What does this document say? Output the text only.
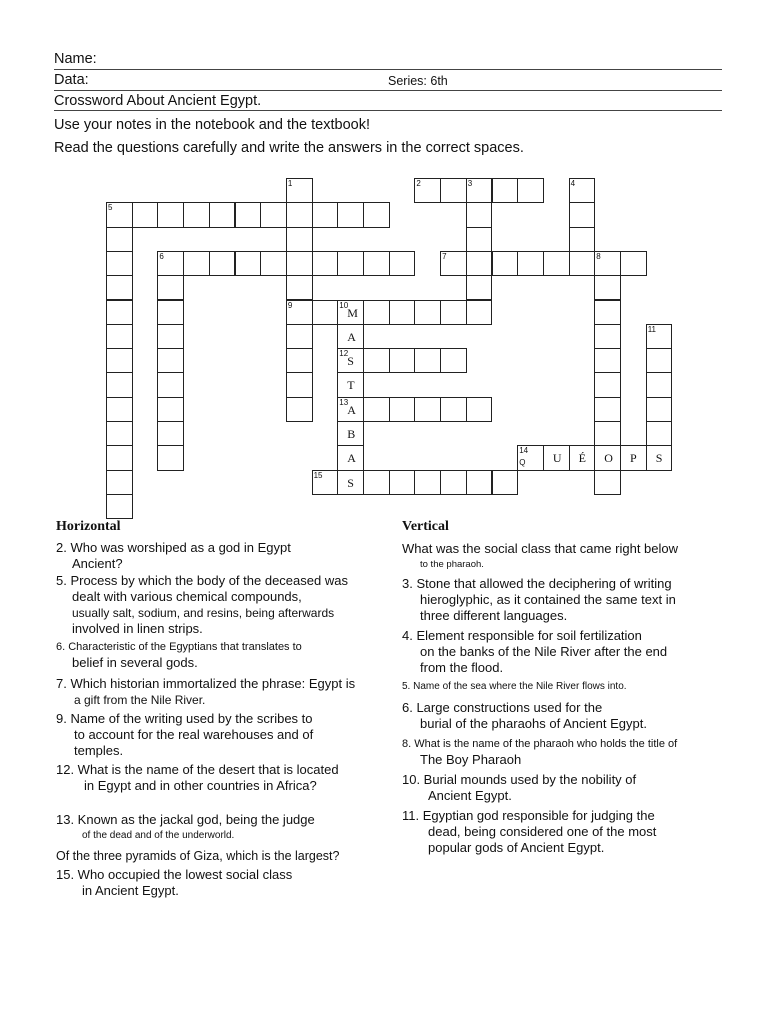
Name:
Data:	Series: 6th
Crossword About Ancient Egypt.
Use your notes in the notebook and the textbook!
Read the questions carefully and write the answers in the correct spaces.
1	2	3	4
5
6	7	8
9	10
11
12
13
14
15
M
A
S
T
A
B
A	Q U É O P S
S
Horizontal
2. Who was worshiped as a god in Egypt
Ancient?
5. Process by which the body of the deceased was
dealt with various chemical compounds,
usually salt, sodium, and resins, being afterwards
involved in linen strips.
6. Characteristic of the Egyptians that translates to
belief in several gods.
7. Which historian immortalized the phrase: Egypt is
a gift from the Nile River.
9. Name of the writing used by the scribes to
to account for the real warehouses and of
temples.
12. What is the name of the desert that is located
in Egypt and in other countries in Africa?
13. Known as the jackal god, being the judge
of the dead and of the underworld.
Of the three pyramids of Giza, which is the largest?
15. Who occupied the lowest social class
in Ancient Egypt.
Vertical
What was the social class that came right below
to the pharaoh.
3. Stone that allowed the deciphering of writing
hieroglyphic, as it contained the same text in
three different languages.
4. Element responsible for soil fertilization
on the banks of the Nile River after the end
from the flood.
5. Name of the sea where the Nile River flows into.
6. Large constructions used for the
burial of the pharaohs of Ancient Egypt.
8. What is the name of the pharaoh who holds the title of
The Boy Pharaoh
10. Burial mounds used by the nobility of
Ancient Egypt.
11. Egyptian god responsible for judging the
dead, being considered one of the most
popular gods of Ancient Egypt.
